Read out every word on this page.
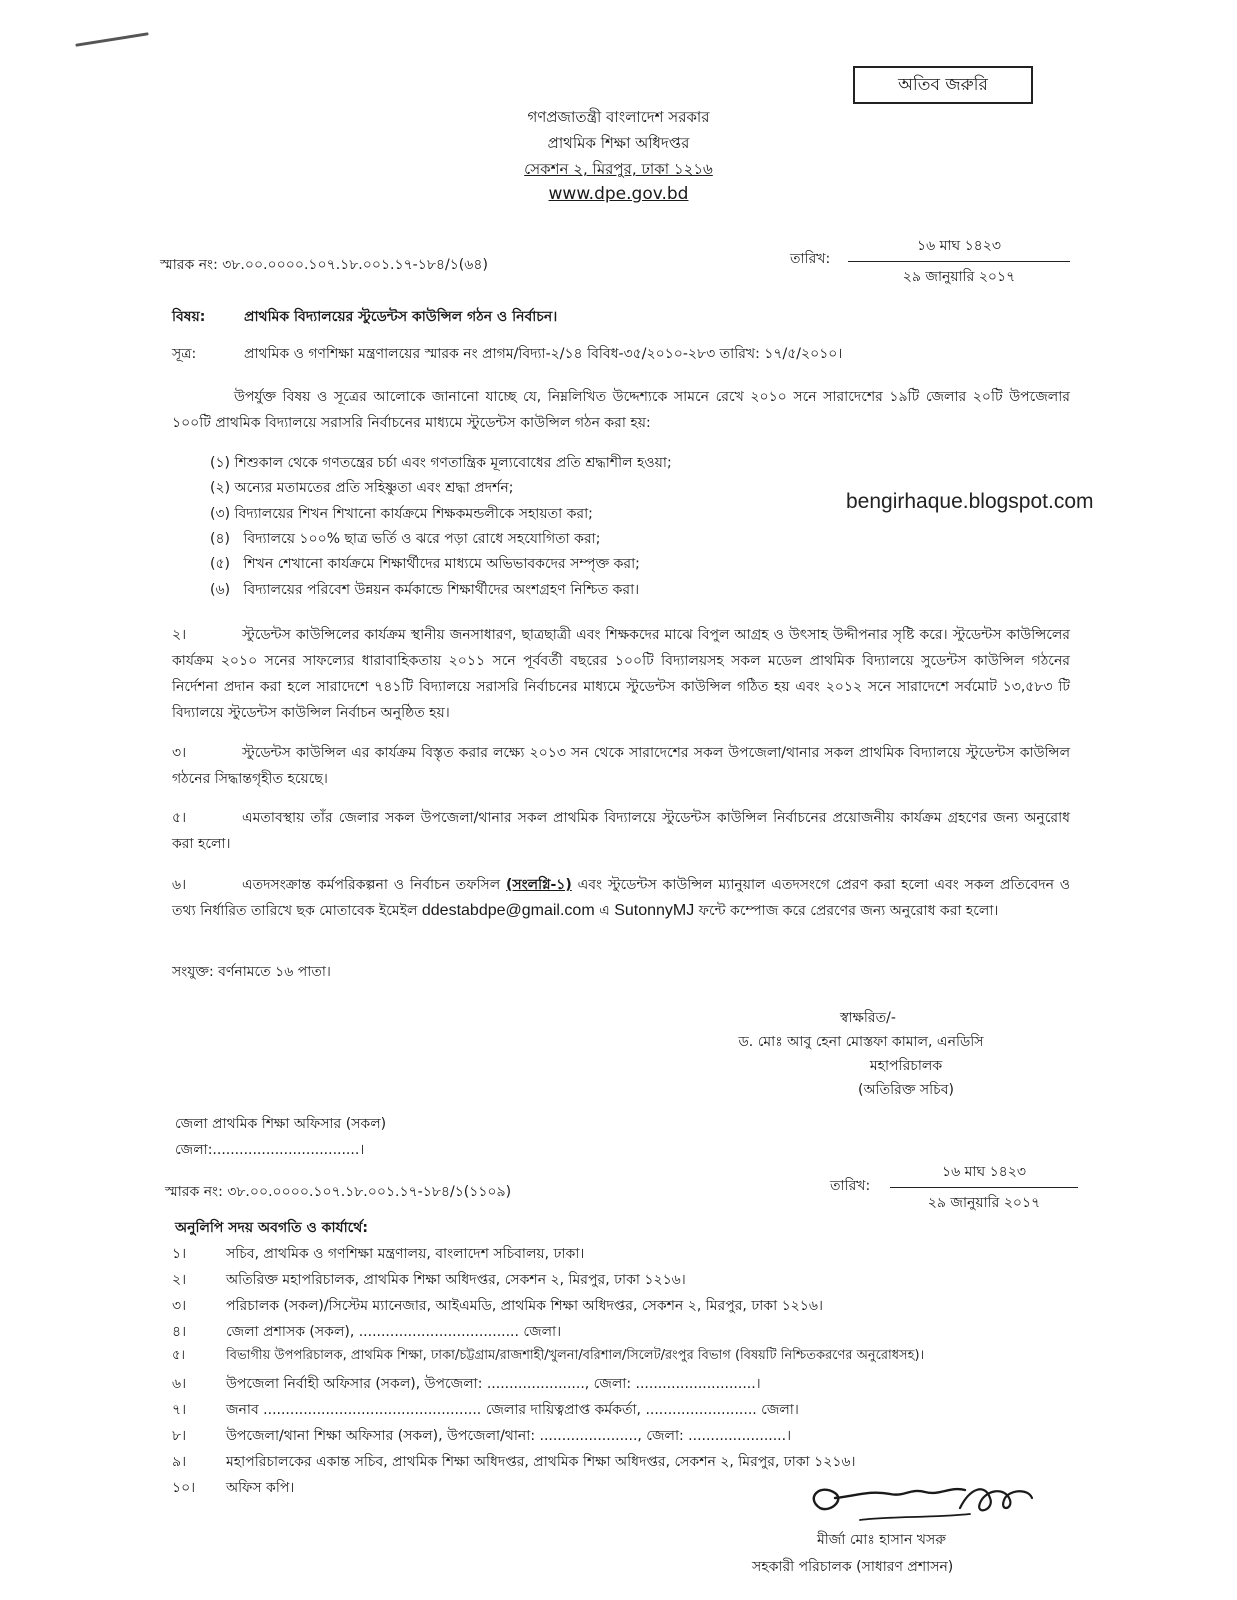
অতিব জরুরি
গণপ্রজাতন্ত্রী বাংলাদেশ সরকার
প্রাথমিক শিক্ষা অধিদপ্তর
সেকশন ২, মিরপুর, ঢাকা ১২১৬
www.dpe.gov.bd
স্মারক নং: ৩৮.০০.০০০০.১০৭.১৮.০০১.১৭-১৮৪/১(৬৪)	তারিখ:
১৬ মাঘ ১৪২৩
২৯ জানুয়ারি ২০১৭
বিষয়:	প্রাথমিক বিদ্যালয়ের স্টুডেন্টস কাউন্সিল গঠন ও নির্বাচন।
সূত্র:	প্রাথমিক ও গণশিক্ষা মন্ত্রণালয়ের স্মারক নং প্রাগম/বিদ্যা-২/১৪ বিবিধ-৩৫/২০১০-২৮৩ তারিখ: ১৭/৫/২০১০।
উপর্যুক্ত বিষয় ও সূত্রের আলোকে জানানো যাচ্ছে যে, নিম্নলিখিত উদ্দেশ্যকে সামনে রেখে ২০১০ সনে সারাদেশের ১৯টি জেলার ২০টি উপজেলার ১০০টি প্রাথমিক বিদ্যালয়ে সরাসরি নির্বাচনের মাধ্যমে স্টুডেন্টস কাউন্সিল গঠন করা হয়:
(১) শিশুকাল থেকে গণতন্ত্রের চর্চা এবং গণতান্ত্রিক মূল্যবোধের প্রতি শ্রদ্ধাশীল হওয়া;
(২) অন্যের মতামতের প্রতি সহিষ্ণুতা এবং শ্রদ্ধা প্রদর্শন;
(৩) বিদ্যালয়ের শিখন শিখানো কার্যক্রমে শিক্ষকমন্ডলীকে সহায়তা করা;
(৪) বিদ্যালয়ে ১০০% ছাত্র ভর্তি ও ঝরে পড়া রোধে সহযোগিতা করা;
(৫) শিখন শেখানো কার্যক্রমে শিক্ষার্থীদের মাধ্যমে অভিভাবকদের সম্পৃক্ত করা;
(৬) বিদ্যালয়ের পরিবেশ উন্নয়ন কর্মকান্ডে শিক্ষার্থীদের অংশগ্রহণ নিশ্চিত করা।
bengirhaque.blogspot.com
২।	স্টুডেন্টস কাউন্সিলের কার্যক্রম স্থানীয় জনসাধারণ, ছাত্রছাত্রী এবং শিক্ষকদের মাঝে বিপুল আগ্রহ ও উৎসাহ উদ্দীপনার সৃষ্টি করে। স্টুডেন্টস কাউন্সিলের কার্যক্রম ২০১০ সনের সাফল্যের ধারাবাহিকতায় ২০১১ সনে পূর্ববর্তী বছরের ১০০টি বিদ্যালয়সহ সকল মডেল প্রাথমিক বিদ্যালয়ে সুডেন্টস কাউন্সিল গঠনের নির্দেশনা প্রদান করা হলে সারাদেশে ৭৪১টি বিদ্যালয়ে সরাসরি নির্বাচনের মাধ্যমে স্টুডেন্টস কাউন্সিল গঠিত হয় এবং ২০১২ সনে সারাদেশে সর্বমোট ১৩,৫৮৩ টি বিদ্যালয়ে স্টুডেন্টস কাউন্সিল নির্বাচন অনুষ্ঠিত হয়।
৩।	স্টুডেন্টস কাউন্সিল এর কার্যক্রম বিস্তৃত করার লক্ষ্যে ২০১৩ সন থেকে সারাদেশের সকল উপজেলা/থানার সকল প্রাথমিক বিদ্যালয়ে স্টুডেন্টস কাউন্সিল গঠনের সিদ্ধান্তগৃহীত হয়েছে।
৫।	এমতাবস্থায় তাঁর জেলার সকল উপজেলা/থানার সকল প্রাথমিক বিদ্যালয়ে স্টুডেন্টস কাউন্সিল নির্বাচনের প্রয়োজনীয় কার্যক্রম গ্রহণের জন্য অনুরোধ করা হলো।
৬।	এতদসংক্রান্ত কর্মপরিকল্পনা ও নির্বাচন তফসিল (সংলগ্নি-১) এবং স্টুডেন্টস কাউন্সিল ম্যানুয়াল এতদসংগে প্রেরণ করা হলো এবং সকল প্রতিবেদন ও তথ্য নির্ধারিত তারিখে ছক মোতাবেক ইমেইল ddestabdpe@gmail.com এ SutonnyMJ ফন্টে কম্পোজ করে প্রেরণের জন্য অনুরোধ করা হলো।
সংযুক্ত: বর্ণনামতে ১৬ পাতা।
স্বাক্ষরিত/-
ড. মোঃ আবু হেনা মোস্তফা কামাল, এনডিসি
মহাপরিচালক
(অতিরিক্ত সচিব)
জেলা প্রাথমিক শিক্ষা অফিসার (সকল)
জেলা:.................................।
স্মারক নং: ৩৮.০০.০০০০.১০৭.১৮.০০১.১৭-১৮৪/১(১১০৯)	তারিখ:
১৬ মাঘ ১৪২৩
২৯ জানুয়ারি ২০১৭
অনুলিপি সদয় অবগতি ও কার্যার্থে:
১।	সচিব, প্রাথমিক ও গণশিক্ষা মন্ত্রণালয়, বাংলাদেশ সচিবালয়, ঢাকা।
২।	অতিরিক্ত মহাপরিচালক, প্রাথমিক শিক্ষা অধিদপ্তর, সেকশন ২, মিরপুর, ঢাকা ১২১৬।
৩।	পরিচালক (সকল)/সিস্টেম ম্যানেজার, আইএমডি, প্রাথমিক শিক্ষা অধিদপ্তর, সেকশন ২, মিরপুর, ঢাকা ১২১৬।
৪।	জেলা প্রশাসক (সকল), .................................... জেলা।
৫।	বিভাগীয় উপপরিচালক, প্রাথমিক শিক্ষা, ঢাকা/চট্টগ্রাম/রাজশাহী/খুলনা/বরিশাল/সিলেট/রংপুর বিভাগ (বিষয়টি নিশ্চিতকরণের অনুরোধসহ)।
৬।	উপজেলা নির্বাহী অফিসার (সকল), উপজেলা: ......................, জেলা: ...........................।
৭।	জনাব ................................................. জেলার দায়িত্বপ্রাপ্ত কর্মকর্তা, ......................... জেলা।
৮।	উপজেলা/থানা শিক্ষা অফিসার (সকল), উপজেলা/থানা: ......................, জেলা: ......................।
৯।	মহাপরিচালকের একান্ত সচিব, প্রাথমিক শিক্ষা অধিদপ্তর, প্রাথমিক শিক্ষা অধিদপ্তর, সেকশন ২, মিরপুর, ঢাকা ১২১৬।
১০। অফিস কপি।
মীর্জা মোঃ হাসান খসরু
সহকারী পরিচালক (সাধারণ প্রশাসন)
